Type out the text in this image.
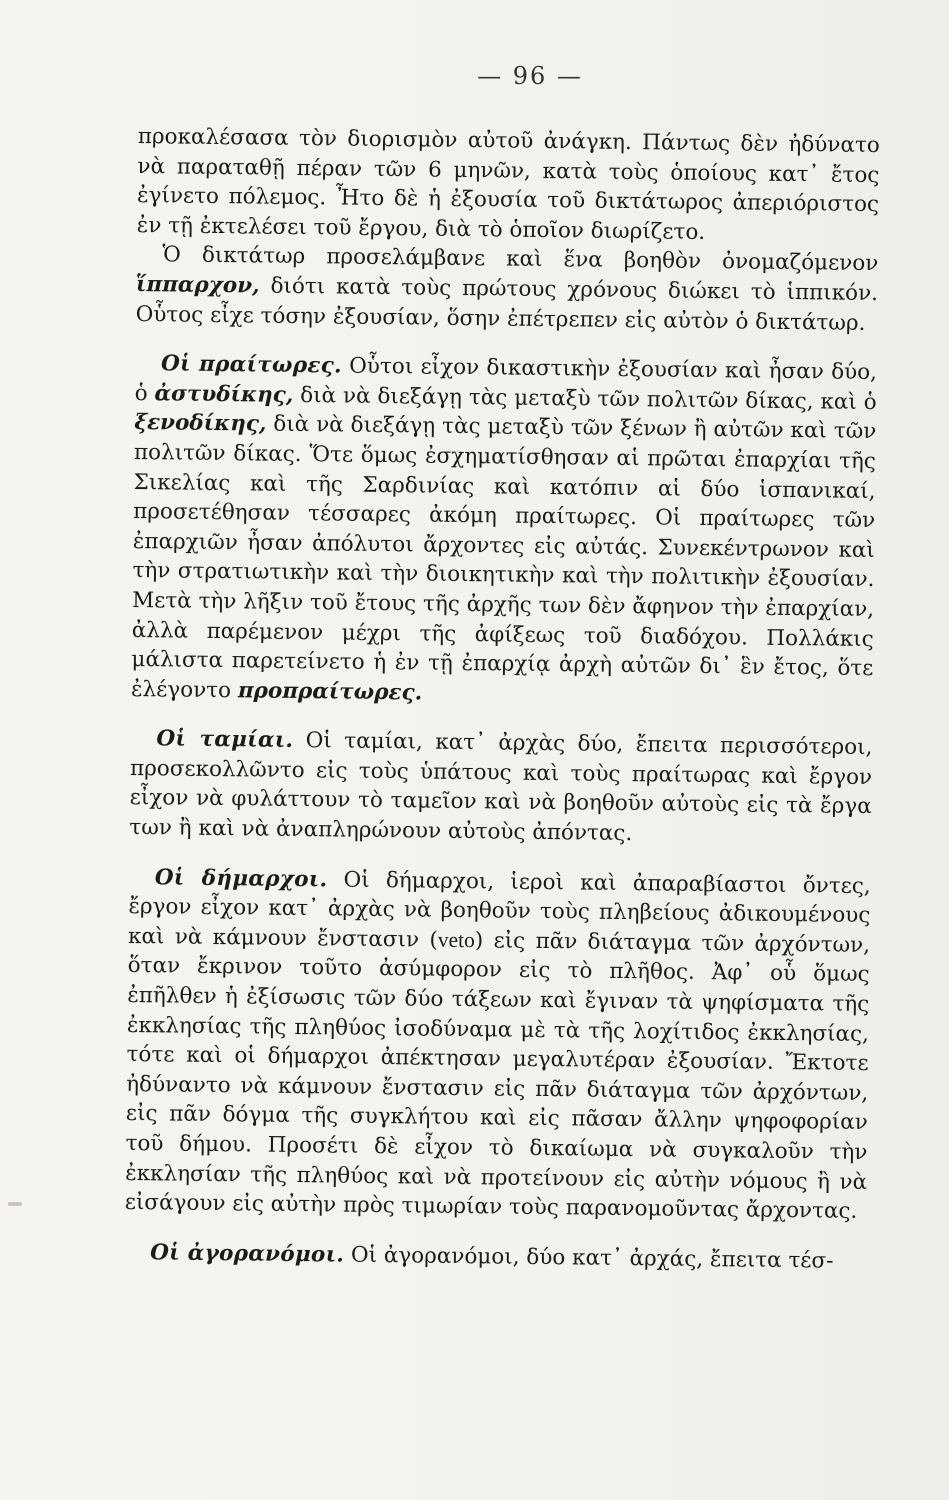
— 96 —

προκαλέσασα τὸν διορισμὸν αὐτοῦ ἀνάγκη. Πάντως δὲν ἠδύνατο νὰ παραταθῇ πέραν τῶν 6 μηνῶν, κατὰ τοὺς ὁποίους κατ᾽ ἔτος ἐγίνετο πόλεμος. Ἦτο δὲ ἡ ἐξουσία τοῦ δικτάτωρος ἀπεριόριστος ἐν τῇ ἐκτελέσει τοῦ ἔργου, διὰ τὸ ὁποῖον διωρίζετο.

Ὁ δικτάτωρ προσελάμβανε καὶ ἕνα βοηθὸν ὀνομαζόμενον ἵππαρχον, διότι κατὰ τοὺς πρώτους χρόνους διώκει τὸ ἱππικόν. Οὗτος εἶχε τόσην ἐξουσίαν, ὅσην ἐπέτρεπεν εἰς αὐτὸν ὁ δικτάτωρ.

Οἱ πραίτωρες. Οὗτοι εἶχον δικαστικὴν ἐξουσίαν καὶ ἦσαν δύο, ὁ ἀστυδίκης, διὰ νὰ διεξάγῃ τὰς μεταξὺ τῶν πολιτῶν δίκας, καὶ ὁ ξενοδίκης, διὰ νὰ διεξάγῃ τὰς μεταξὺ τῶν ξένων ἢ αὐτῶν καὶ τῶν πολιτῶν δίκας. Ὅτε ὅμως ἐσχηματίσθησαν αἱ πρῶται ἐπαρχίαι τῆς Σικελίας καὶ τῆς Σαρδινίας καὶ κατόπιν αἱ δύο ἱσπανικαί, προσετέθησαν τέσσαρες ἀκόμη πραίτωρες. Οἱ πραίτωρες τῶν ἐπαρχιῶν ἦσαν ἀπόλυτοι ἄρχοντες εἰς αὐτάς. Συνεκέντρωνον καὶ τὴν στρατιωτικὴν καὶ τὴν διοικητικὴν καὶ τὴν πολιτικὴν ἐξουσίαν. Μετὰ τὴν λῆξιν τοῦ ἔτους τῆς ἀρχῆς των δὲν ἄφηνον τὴν ἐπαρχίαν, ἀλλὰ παρέμενον μέχρι τῆς ἀφίξεως τοῦ διαδόχου. Πολλάκις μάλιστα παρετείνετο ἡ ἐν τῇ ἐπαρχίᾳ ἀρχὴ αὐτῶν δι᾽ ἓν ἔτος, ὅτε ἐλέγοντο προπραίτωρες.

Οἱ ταμίαι. Οἱ ταμίαι, κατ᾽ ἀρχὰς δύο, ἔπειτα περισσότεροι, προσεκολλῶντο εἰς τοὺς ὑπάτους καὶ τοὺς πραίτωρας καὶ ἔργον εἶχον νὰ φυλάττουν τὸ ταμεῖον καὶ νὰ βοηθοῦν αὐτοὺς εἰς τὰ ἔργα των ἢ καὶ νὰ ἀναπληρώνουν αὐτοὺς ἀπόντας.

Οἱ δήμαρχοι. Οἱ δήμαρχοι, ἱεροὶ καὶ ἀπαραβίαστοι ὄντες, ἔργον εἶχον κατ᾽ ἀρχὰς νὰ βοηθοῦν τοὺς πληβείους ἀδικουμένους καὶ νὰ κάμνουν ἔνστασιν (veto) εἰς πᾶν διάταγμα τῶν ἀρχόντων, ὅταν ἔκρινον τοῦτο ἀσύμφορον εἰς τὸ πλῆθος. Ἀφ᾽ οὗ ὅμως ἐπῆλθεν ἡ ἐξίσωσις τῶν δύο τάξεων καὶ ἔγιναν τὰ ψηφίσματα τῆς ἐκκλησίας τῆς πληθύος ἰσοδύναμα μὲ τὰ τῆς λοχίτιδος ἐκκλησίας, τότε καὶ οἱ δήμαρχοι ἀπέκτησαν μεγαλυτέραν ἐξουσίαν. Ἔκτοτε ἠδύναντο νὰ κάμνουν ἔνστασιν εἰς πᾶν διάταγμα τῶν ἀρχόντων, εἰς πᾶν δόγμα τῆς συγκλήτου καὶ εἰς πᾶσαν ἄλλην ψηφοφορίαν τοῦ δήμου. Προσέτι δὲ εἶχον τὸ δικαίωμα νὰ συγκαλοῦν τὴν ἐκκλησίαν τῆς πληθύος καὶ νὰ προτείνουν εἰς αὐτὴν νόμους ἢ νὰ εἰσάγουν εἰς αὐτὴν πρὸς τιμωρίαν τοὺς παρανομοῦντας ἄρχοντας.

Οἱ ἀγορανόμοι. Οἱ ἀγορανόμοι, δύο κατ᾽ ἀρχάς, ἔπειτα τέσ-
